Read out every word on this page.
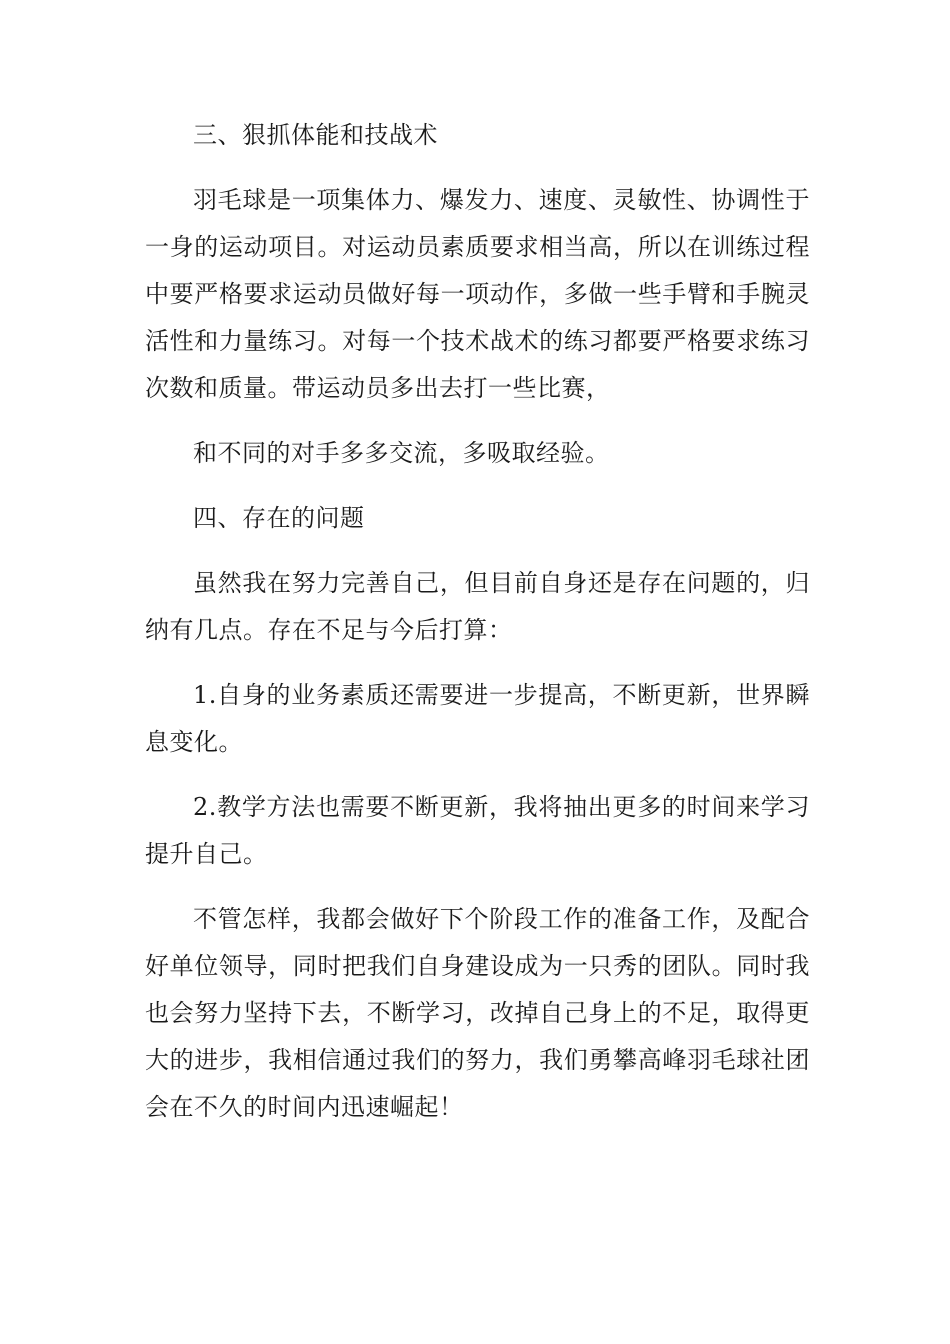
三、狠抓体能和技战术

羽毛球是一项集体力、爆发力、速度、灵敏性、协调性于一身的运动项目。对运动员素质要求相当高，所以在训练过程中要严格要求运动员做好每一项动作，多做一些手臂和手腕灵活性和力量练习。对每一个技术战术的练习都要严格要求练习次数和质量。带运动员多出去打一些比赛，

和不同的对手多多交流，多吸取经验。

四、存在的问题

虽然我在努力完善自己，但目前自身还是存在问题的，归纳有几点。存在不足与今后打算：

1.自身的业务素质还需要进一步提高，不断更新，世界瞬息变化。

2.教学方法也需要不断更新，我将抽出更多的时间来学习提升自己。

不管怎样，我都会做好下个阶段工作的准备工作，及配合好单位领导，同时把我们自身建设成为一只秀的团队。同时我也会努力坚持下去，不断学习，改掉自己身上的不足，取得更大的进步，我相信通过我们的努力，我们勇攀高峰羽毛球社团会在不久的时间内迅速崛起！
